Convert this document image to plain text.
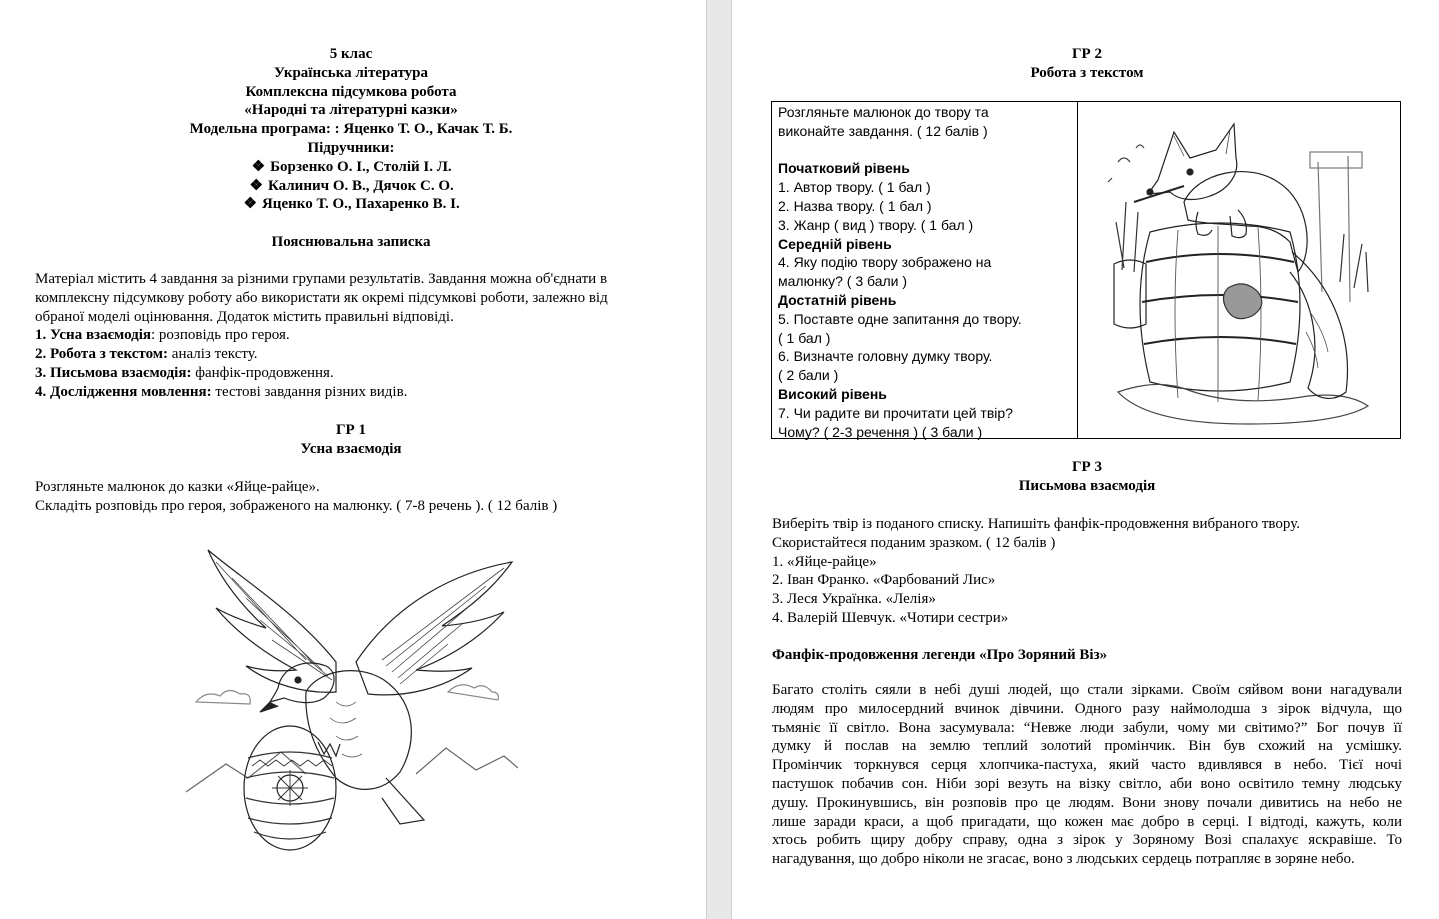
5 клас
Українська література
Комплексна підсумкова робота
«Народні та літературні казки»
Модельна програма: : Яценко Т. О., Качак Т. Б.
Підручники:
❖ Борзенко О. І., Столій І. Л.
❖ Калинич О. В., Дячок С. О.
❖ Яценко Т. О., Пахаренко В. І.
Пояснювальна записка
Матеріал містить 4 завдання за різними групами результатів. Завдання можна об'єднати в
комплексну підсумкову роботу або використати як окремі підсумкові роботи, залежно від
обраної моделі оцінювання. Додаток містить правильні відповіді.
1. Усна взаємодія: розповідь про героя.
2. Робота з текстом: аналіз тексту.
3. Письмова взаємодія: фанфік-продовження.
4. Дослідження мовлення: тестові завдання різних видів.
ГР 1
Усна взаємодія
Розгляньте малюнок до казки «Яйце-райце».
Складіть розповідь про героя, зображеного на малюнку. ( 7-8 речень ). ( 12 балів )
ГР 2
Робота з текстом
Розгляньте малюнок до твору та
виконайте завдання. ( 12 балів )
Початковий рівень
1. Автор твору. ( 1 бал )
2. Назва твору. ( 1 бал )
3. Жанр ( вид ) твору. ( 1 бал )
Середній рівень
4. Яку подію твору зображено на
малюнку? ( 3 бали )
Достатній рівень
5. Поставте одне запитання до твору.
( 1 бал )
6. Визначте головну думку твору.
( 2 бали )
Високий рівень
7. Чи радите ви прочитати цей твір?
Чому? ( 2-3 речення ) ( 3 бали )
ГР 3
Письмова взаємодія
Виберіть твір із поданого списку. Напишіть фанфік-продовження вибраного твору.
Скористайтеся поданим зразком. ( 12 балів )
1. «Яйце-райце»
2. Іван Франко. «Фарбований Лис»
3. Леся Українка. «Лелія»
4. Валерій Шевчук. «Чотири сестри»
Фанфік-продовження легенди «Про Зоряний Віз»
Багато століть сяяли в небі душі людей, що стали зірками. Своїм сяйвом вони нагадували
людям про милосердний вчинок дівчини. Одного разу наймолодша з зірок відчула, що
тьмяніє її світло. Вона засумувала: “Невже люди забули, чому ми світимо?” Бог почув її
думку й послав на землю теплий золотий промінчик. Він був схожий на усмішку.
Промінчик торкнувся серця хлопчика-пастуха, який часто вдивлявся в небо. Тієї ночі
пастушок побачив сон. Ніби зорі везуть на візку світло, аби воно освітило темну людську
душу. Прокинувшись, він розповів про це людям. Вони знову почали дивитись на небо не
лише заради краси, а щоб пригадати, що кожен має добро в серці. І відтоді, кажуть, коли
хтось робить щиру добру справу, одна з зірок у Зоряному Возі спалахує яскравіше. То
нагадування, що добро ніколи не згасає, воно з людських сердець потрапляє в зоряне небо.
